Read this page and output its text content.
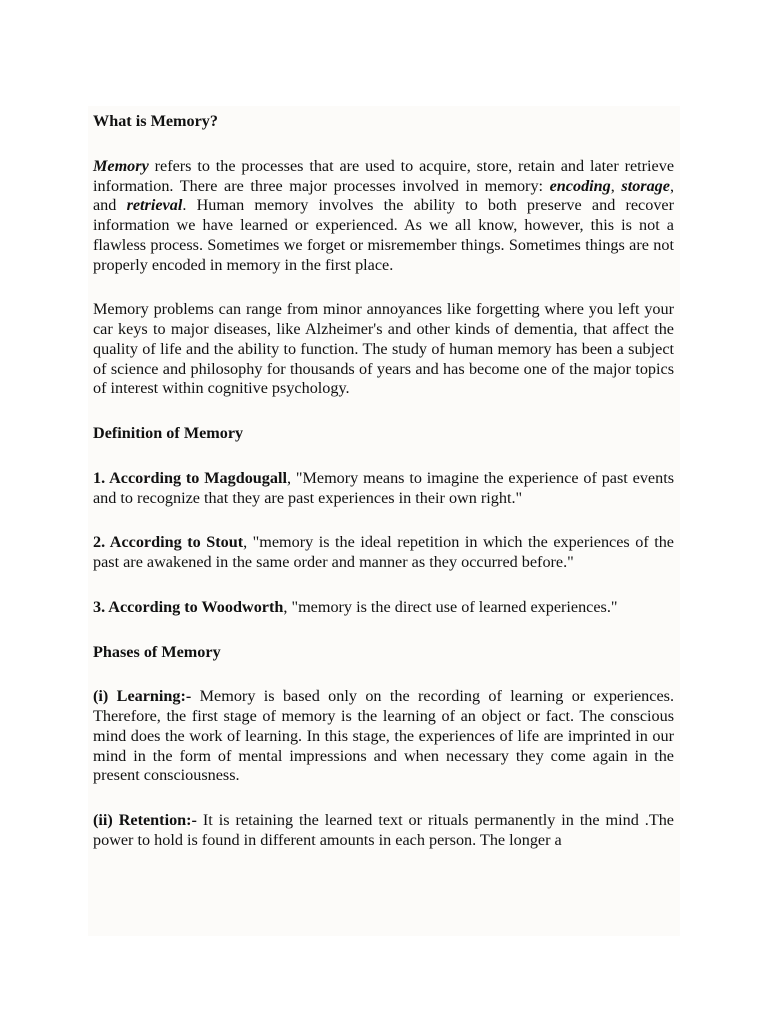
What is Memory?

Memory refers to the processes that are used to acquire, store, retain and later retrieve information. There are three major processes involved in memory: encoding, storage, and retrieval. Human memory involves the ability to both preserve and recover information we have learned or experienced. As we all know, however, this is not a flawless process. Sometimes we forget or misremember things. Sometimes things are not properly encoded in memory in the first place.

Memory problems can range from minor annoyances like forgetting where you left your car keys to major diseases, like Alzheimer's and other kinds of dementia, that affect the quality of life and the ability to function. The study of human memory has been a subject of science and philosophy for thousands of years and has become one of the major topics of interest within cognitive psychology.

Definition of Memory

1. According to Magdougall, "Memory means to imagine the experience of past events and to recognize that they are past experiences in their own right."

2. According to Stout, "memory is the ideal repetition in which the experiences of the past are awakened in the same order and manner as they occurred before."

3. According to Woodworth, "memory is the direct use of learned experiences."

Phases of Memory

(i) Learning:- Memory is based only on the recording of learning or experiences. Therefore, the first stage of memory is the learning of an object or fact. The conscious mind does the work of learning. In this stage, the experiences of life are imprinted in our mind in the form of mental impressions and when necessary they come again in the present consciousness.

(ii) Retention:- It is retaining the learned text or rituals permanently in the mind .The power to hold is found in different amounts in each person. The longer a
